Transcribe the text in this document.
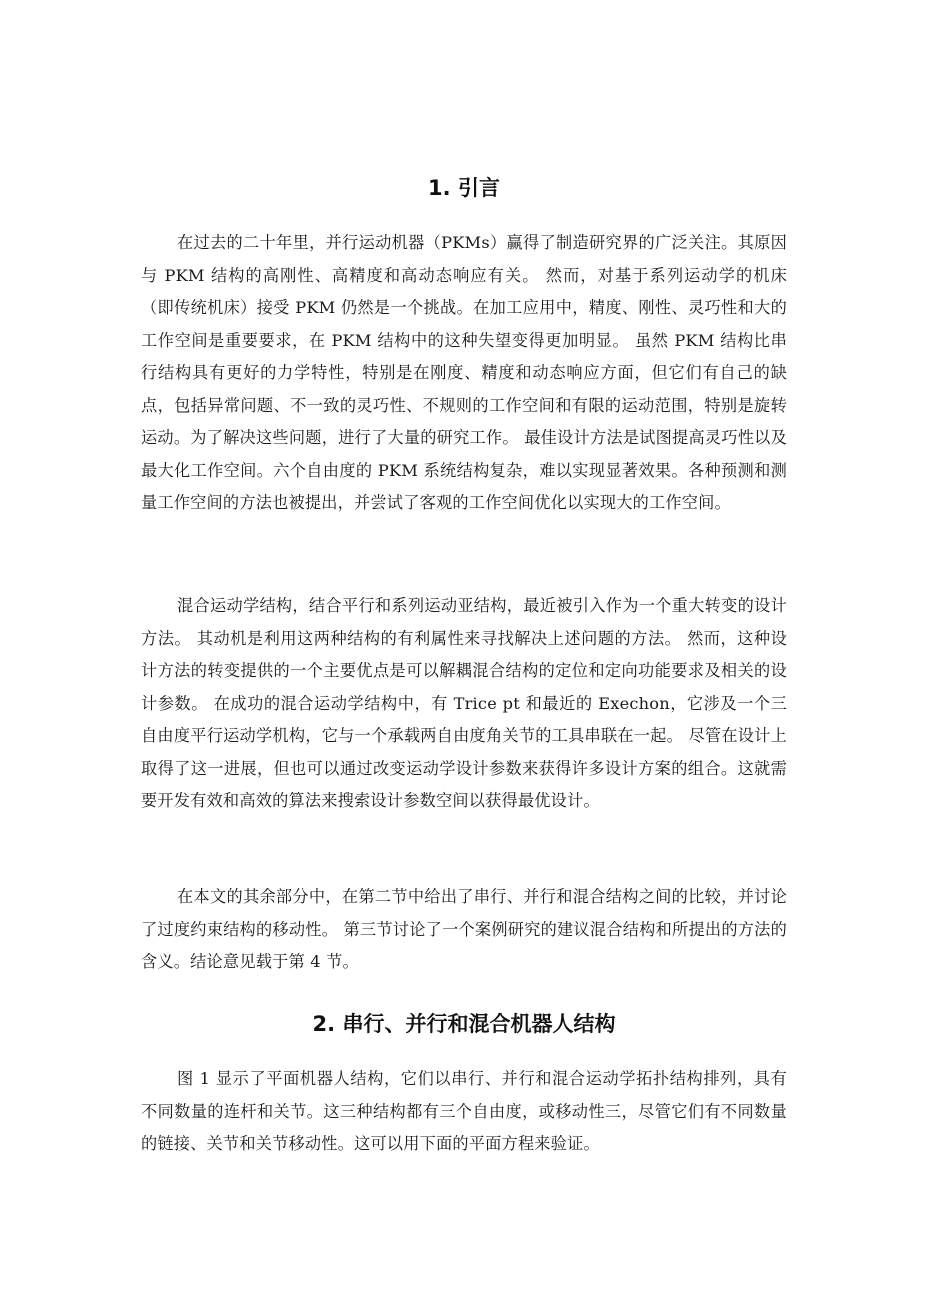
1. 引言

在过去的二十年里，并行运动机器（PKMs）赢得了制造研究界的广泛关注。其原因与 PKM 结构的高刚性、高精度和高动态响应有关。 然而，对基于系列运动学的机床（即传统机床）接受 PKM 仍然是一个挑战。在加工应用中，精度、刚性、灵巧性和大的工作空间是重要要求，在 PKM 结构中的这种失望变得更加明显。 虽然 PKM 结构比串行结构具有更好的力学特性，特别是在刚度、精度和动态响应方面，但它们有自己的缺点，包括异常问题、不一致的灵巧性、不规则的工作空间和有限的运动范围，特别是旋转运动。为了解决这些问题，进行了大量的研究工作。 最佳设计方法是试图提高灵巧性以及最大化工作空间。六个自由度的 PKM 系统结构复杂，难以实现显著效果。各种预测和测量工作空间的方法也被提出，并尝试了客观的工作空间优化以实现大的工作空间。

混合运动学结构，结合平行和系列运动亚结构，最近被引入作为一个重大转变的设计方法。 其动机是利用这两种结构的有利属性来寻找解决上述问题的方法。 然而，这种设计方法的转变提供的一个主要优点是可以解耦混合结构的定位和定向功能要求及相关的设计参数。 在成功的混合运动学结构中，有 Trice pt 和最近的 Exechon，它涉及一个三自由度平行运动学机构，它与一个承载两自由度角关节的工具串联在一起。 尽管在设计上取得了这一进展，但也可以通过改变运动学设计参数来获得许多设计方案的组合。这就需要开发有效和高效的算法来搜索设计参数空间以获得最优设计。

在本文的其余部分中，在第二节中给出了串行、并行和混合结构之间的比较，并讨论了过度约束结构的移动性。 第三节讨论了一个案例研究的建议混合结构和所提出的方法的含义。结论意见载于第 4 节。

2. 串行、并行和混合机器人结构

图 1 显示了平面机器人结构，它们以串行、并行和混合运动学拓扑结构排列，具有不同数量的连杆和关节。这三种结构都有三个自由度，或移动性三，尽管它们有不同数量的链接、关节和关节移动性。这可以用下面的平面方程来验证。
